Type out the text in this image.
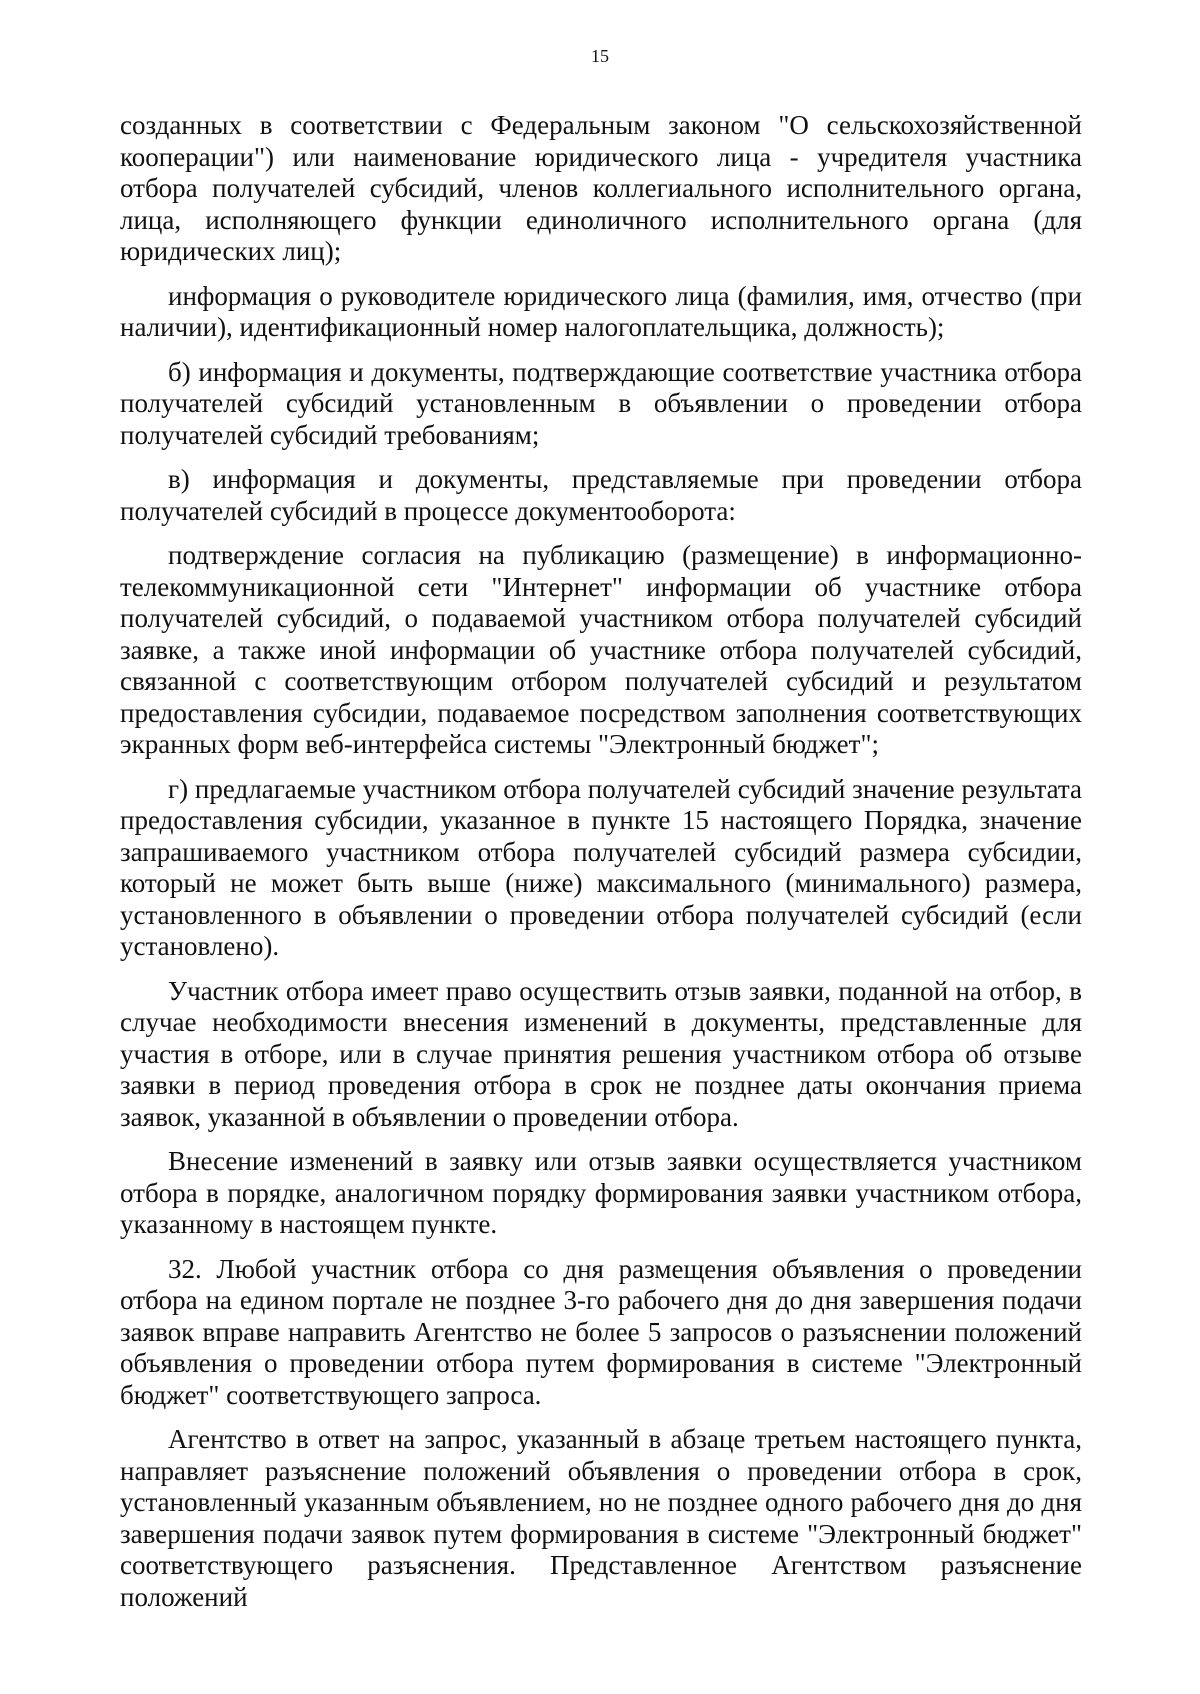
15

созданных в соответствии с Федеральным законом "О сельскохозяйственной кооперации") или наименование юридического лица - учредителя участника отбора получателей субсидий, членов коллегиального исполнительного органа, лица, исполняющего функции единоличного исполнительного органа (для юридических лиц);

информация о руководителе юридического лица (фамилия, имя, отчество (при наличии), идентификационный номер налогоплательщика, должность);

б) информация и документы, подтверждающие соответствие участника отбора получателей субсидий установленным в объявлении о проведении отбора получателей субсидий требованиям;

в) информация и документы, представляемые при проведении отбора получателей субсидий в процессе документооборота:

подтверждение согласия на публикацию (размещение) в информационно-телекоммуникационной сети "Интернет" информации об участнике отбора получателей субсидий, о подаваемой участником отбора получателей субсидий заявке, а также иной информации об участнике отбора получателей субсидий, связанной с соответствующим отбором получателей субсидий и результатом предоставления субсидии, подаваемое посредством заполнения соответствующих экранных форм веб-интерфейса системы "Электронный бюджет";

г) предлагаемые участником отбора получателей субсидий значение результата предоставления субсидии, указанное в пункте 15 настоящего Порядка, значение запрашиваемого участником отбора получателей субсидий размера субсидии, который не может быть выше (ниже) максимального (минимального) размера, установленного в объявлении о проведении отбора получателей субсидий (если установлено).

Участник отбора имеет право осуществить отзыв заявки, поданной на отбор, в случае необходимости внесения изменений в документы, представленные для участия в отборе, или в случае принятия решения участником отбора об отзыве заявки в период проведения отбора в срок не позднее даты окончания приема заявок, указанной в объявлении о проведении отбора.

Внесение изменений в заявку или отзыв заявки осуществляется участником отбора в порядке, аналогичном порядку формирования заявки участником отбора, указанному в настоящем пункте.

32. Любой участник отбора со дня размещения объявления о проведении отбора на едином портале не позднее 3-го рабочего дня до дня завершения подачи заявок вправе направить Агентство не более 5 запросов о разъяснении положений объявления о проведении отбора путем формирования в системе "Электронный бюджет" соответствующего запроса.

Агентство в ответ на запрос, указанный в абзаце третьем настоящего пункта, направляет разъяснение положений объявления о проведении отбора в срок, установленный указанным объявлением, но не позднее одного рабочего дня до дня завершения подачи заявок путем формирования в системе "Электронный бюджет" соответствующего разъяснения. Представленное Агентством разъяснение положений
